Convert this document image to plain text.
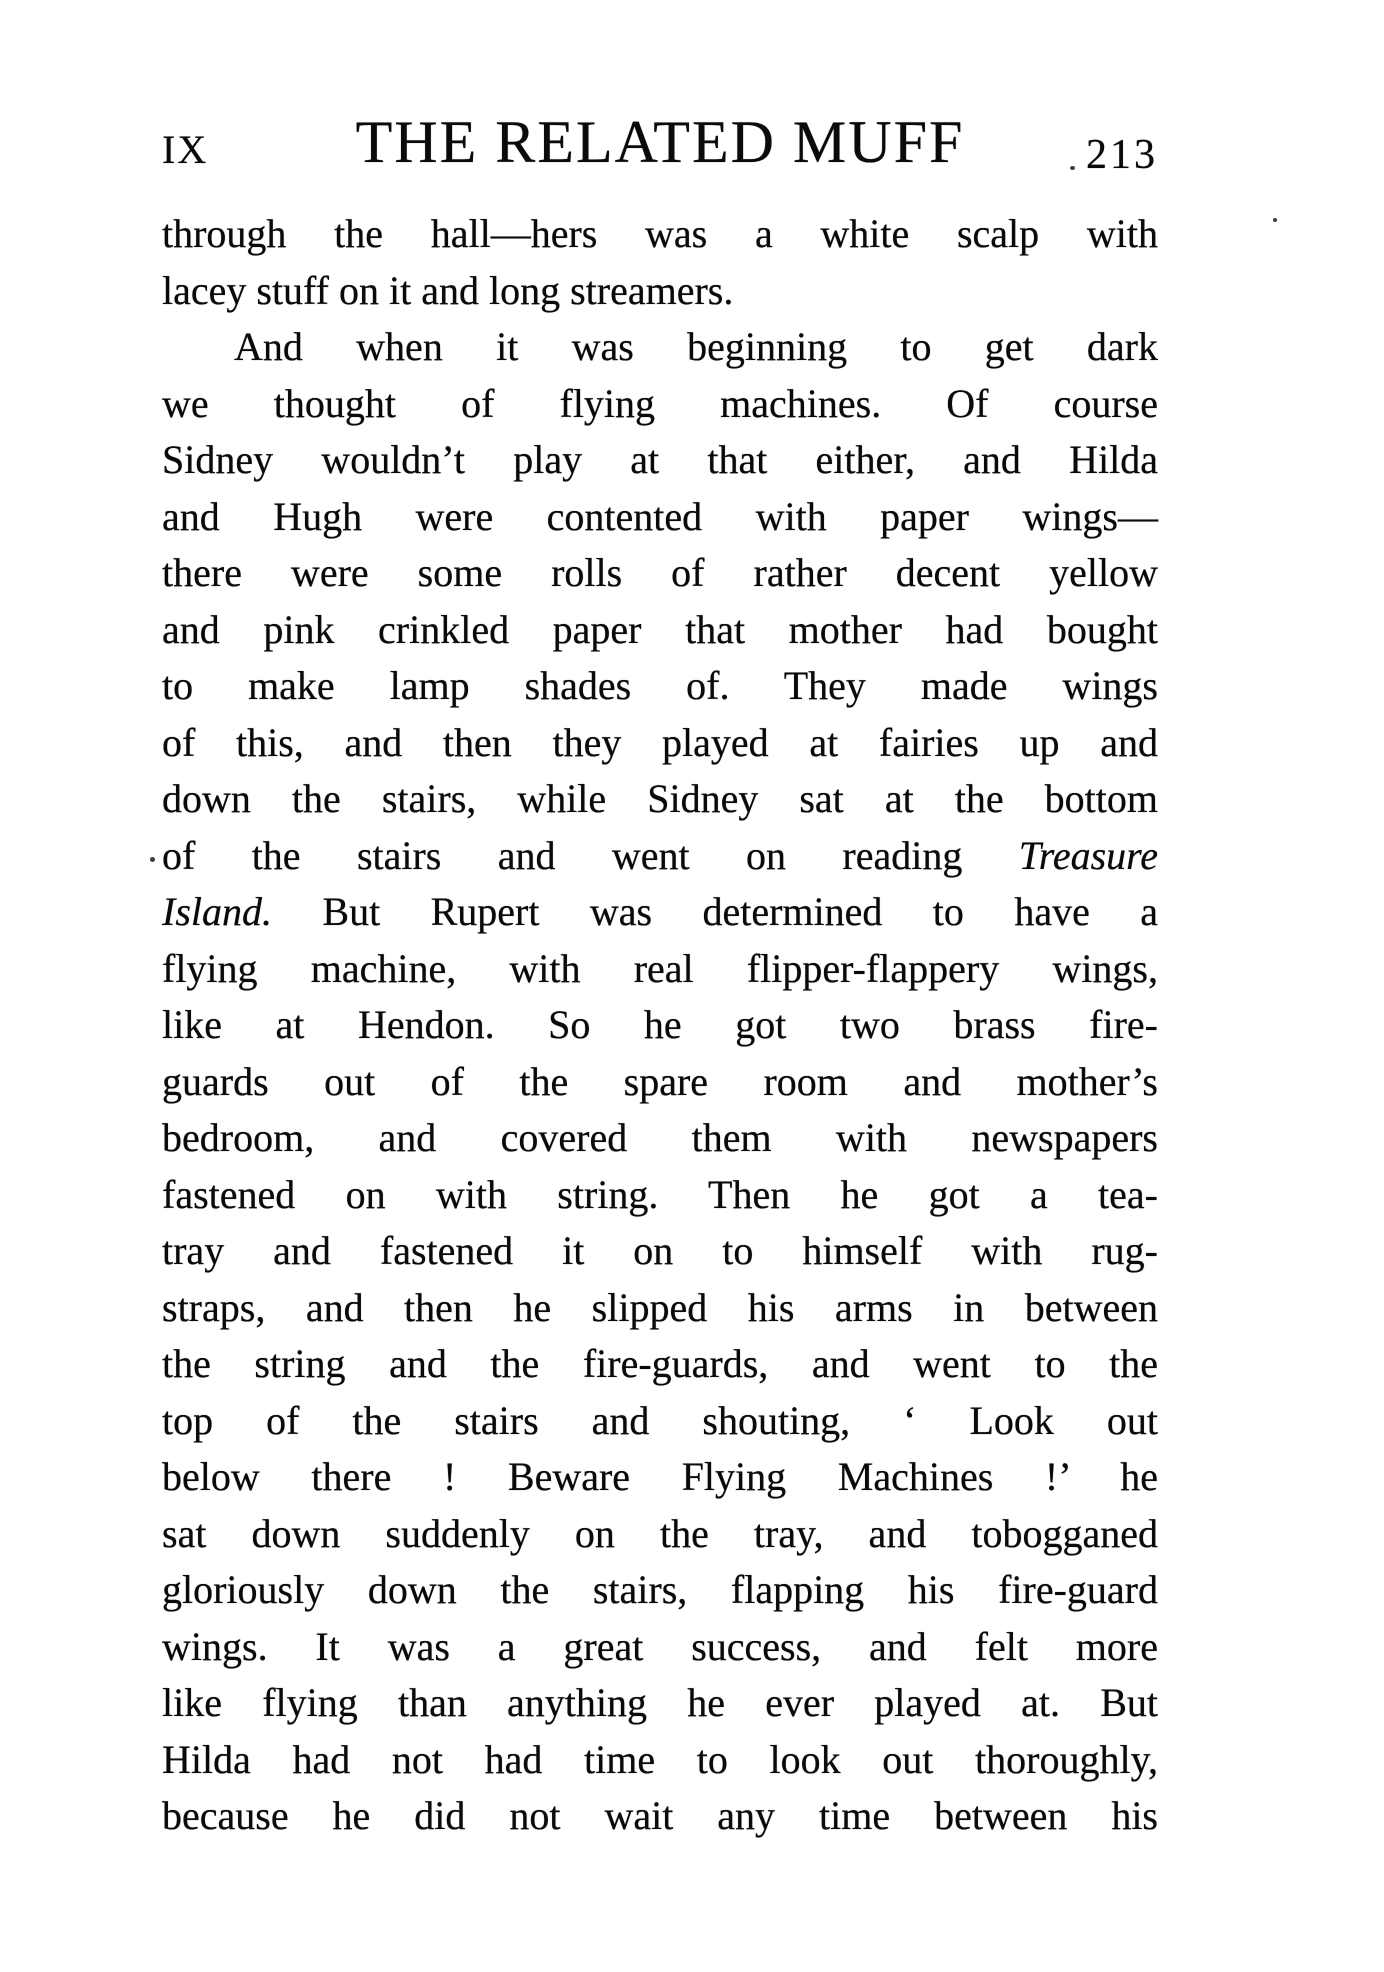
IX THE RELATED MUFF	213
through the hall—hers was a white scalp with
lacey stuff on it and long streamers.
And when it was beginning to get dark
we thought of flying machines. Of course
Sidney wouldn’t play at that either, and Hilda
and Hugh were contented with paper wings—
there were some rolls of rather decent yellow
and pink crinkled paper that mother had bought
to make lamp shades of. They made wings
of this, and then they played at fairies up and
down the stairs, while Sidney sat at the bottom
of the stairs and went on reading Treasure
Island. But Rupert was determined to have a
flying machine, with real flipper-flappery wings,
like at Hendon. So he got two brass fire-
guards out of the spare room and mother’s
bedroom, and covered them with newspapers
fastened on with string. Then he got a tea-
tray and fastened it on to himself with rug-
straps, and then he slipped his arms in between
the string and the fire-guards, and went to the
top of the stairs and shouting, ‘ Look out
below there ! Beware Flying Machines !’ he
sat down suddenly on the tray, and tobogganed
gloriously down the stairs, flapping his fire-guard
wings. It was a great success, and felt more
like flying than anything he ever played at. But
Hilda had not had time to look out thoroughly,
because he did not wait any time between his
